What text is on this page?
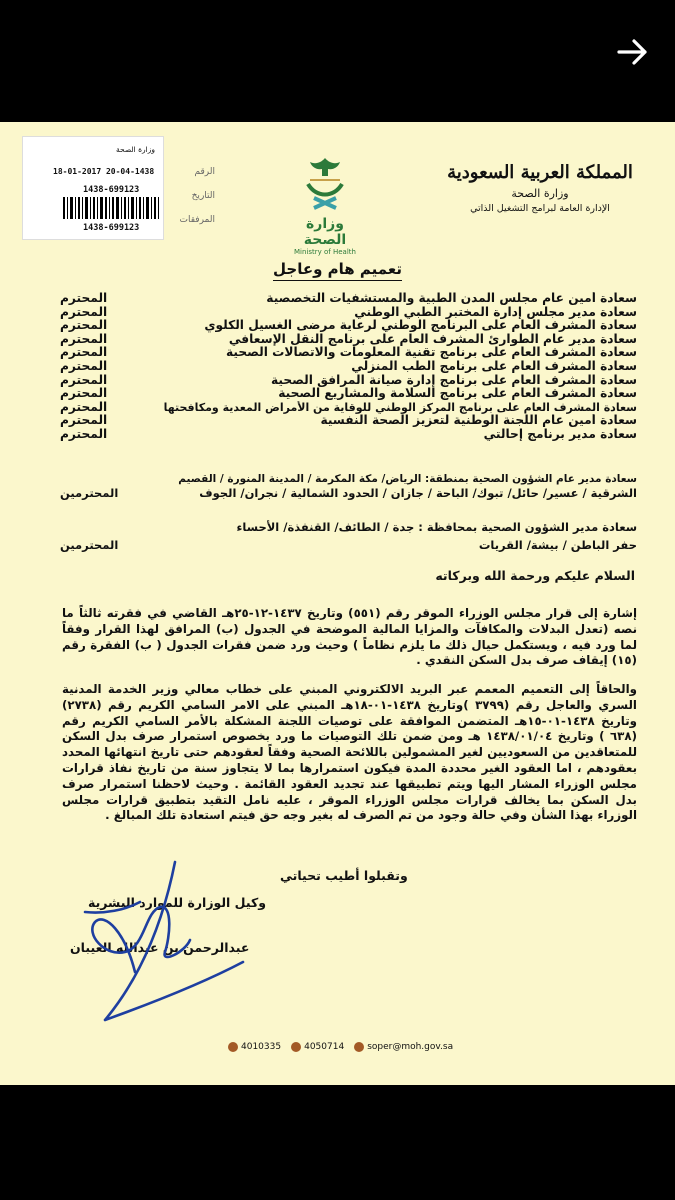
المملكة العربية السعودية
وزارة الصحة
الإدارة العامة لبرامج التشغيل الذاتي
وزارة الصحة
Ministry of Health
الرقم
التاريخ
المرفقات
وزارة الصحة
18-01-2017 20-04-1438
1438-699123
1438-699123
تعميم هام وعاجل
سعادة أمين عام مجلس المدن الطبية والمستشفيات التخصصية
المحترم
سعادة مدير مجلس إدارة المختبر الطبي الوطني
المحترم
سعادة المشرف العام على البرنامج الوطني لرعاية مرضى الغسيل الكلوي
المحترم
سعادة مدير عام الطوارئ المشرف العام على برنامج النقل الإسعافي
المحترم
سعادة المشرف العام على برنامج تقنية المعلومات والاتصالات الصحية
المحترم
سعادة المشرف العام على برنامج الطب المنزلي
المحترم
سعادة المشرف العام على برنامج إدارة صيانة المرافق الصحية
المحترم
سعادة المشرف العام على برنامج السلامة والمشاريع الصحية
المحترم
سعادة المشرف العام على برنامج المركز الوطني للوقاية من الأمراض المعدية ومكافحتها
المحترم
سعادة أمين عام اللجنة الوطنية لتعزيز الصحة النفسية
المحترم
سعادة مدير برنامج إحالتي
المحترم
سعادة مدير عام الشؤون الصحية بمنطقة: الرياض/ مكة المكرمة / المدينة المنورة / القصيم
الشرقية / عسير/ حائل/ تبوك/ الباحة / جازان / الحدود الشمالية / نجران/ الجوف
المحترمين
سعادة مدير الشؤون الصحية بمحافظة : جدة / الطائف/ القنفذة/ الأحساء
حفر الباطن / بيشة/ القريات
المحترمين
السلام عليكم ورحمة الله وبركاته
إشارة إلى قرار مجلس الوزراء الموقر رقم (٥٥١) وتاريخ ١٤٣٧-١٢-٢٥هـ القاضي في فقرته ثالثاً ما نصه (تعدل البدلات والمكافآت والمزايا المالية الموضحة في الجدول (ب) المرافق لهذا القرار وفقاً لما ورد فيه ، ويستكمل حيال ذلك ما يلزم نظاماً ) وحيث ورد ضمن فقرات الجدول ( ب) الفقرة رقم (١٥) إيقاف صرف بدل السكن النقدي .
والحاقاً إلى التعميم المعمم عبر البريد الالكتروني المبني على خطاب معالي وزير الخدمة المدنية السري والعاجل رقم (٣٧٩٩ )وتاريخ ١٤٣٨-٠١-١٨هـ المبني على الامر السامي الكريم رقم (٢٧٣٨) وتاريخ ١٤٣٨-٠١-١٥هـ المتضمن الموافقة على توصيات اللجنة المشكلة بالأمر السامي الكريم رقم (٦٣٨ ) وتاريخ ١٤٣٨/٠١/٠٤ هـ ومن ضمن تلك التوصيات ما ورد بخصوص استمرار صرف بدل السكن للمتعاقدين من السعوديين لغير المشمولين باللائحة الصحية وفقاً لعقودهم حتى تاريخ انتهائها المحدد بعقودهم ، اما العقود الغير محددة المدة فيكون استمرارها بما لا يتجاوز سنة من تاريخ نفاذ قرارات مجلس الوزراء المشار اليها ويتم تطبيقها عند تجديد العقود القائمة . وحيث لاحظنا استمرار صرف بدل السكن بما يخالف قرارات مجلس الوزراء الموقر ، عليه نامل التقيد بتطبيق قرارات مجلس الوزراء بهذا الشأن وفي حالة وجود من تم الصرف له بغير وجه حق فيتم استعادة تلك المبالغ .
وتقبلوا أطيب تحياتي
وكيل الوزارة للموارد البشرية
عبدالرحمن بن عبدالله العيبان
4010335	4050714	soper@moh.gov.sa
